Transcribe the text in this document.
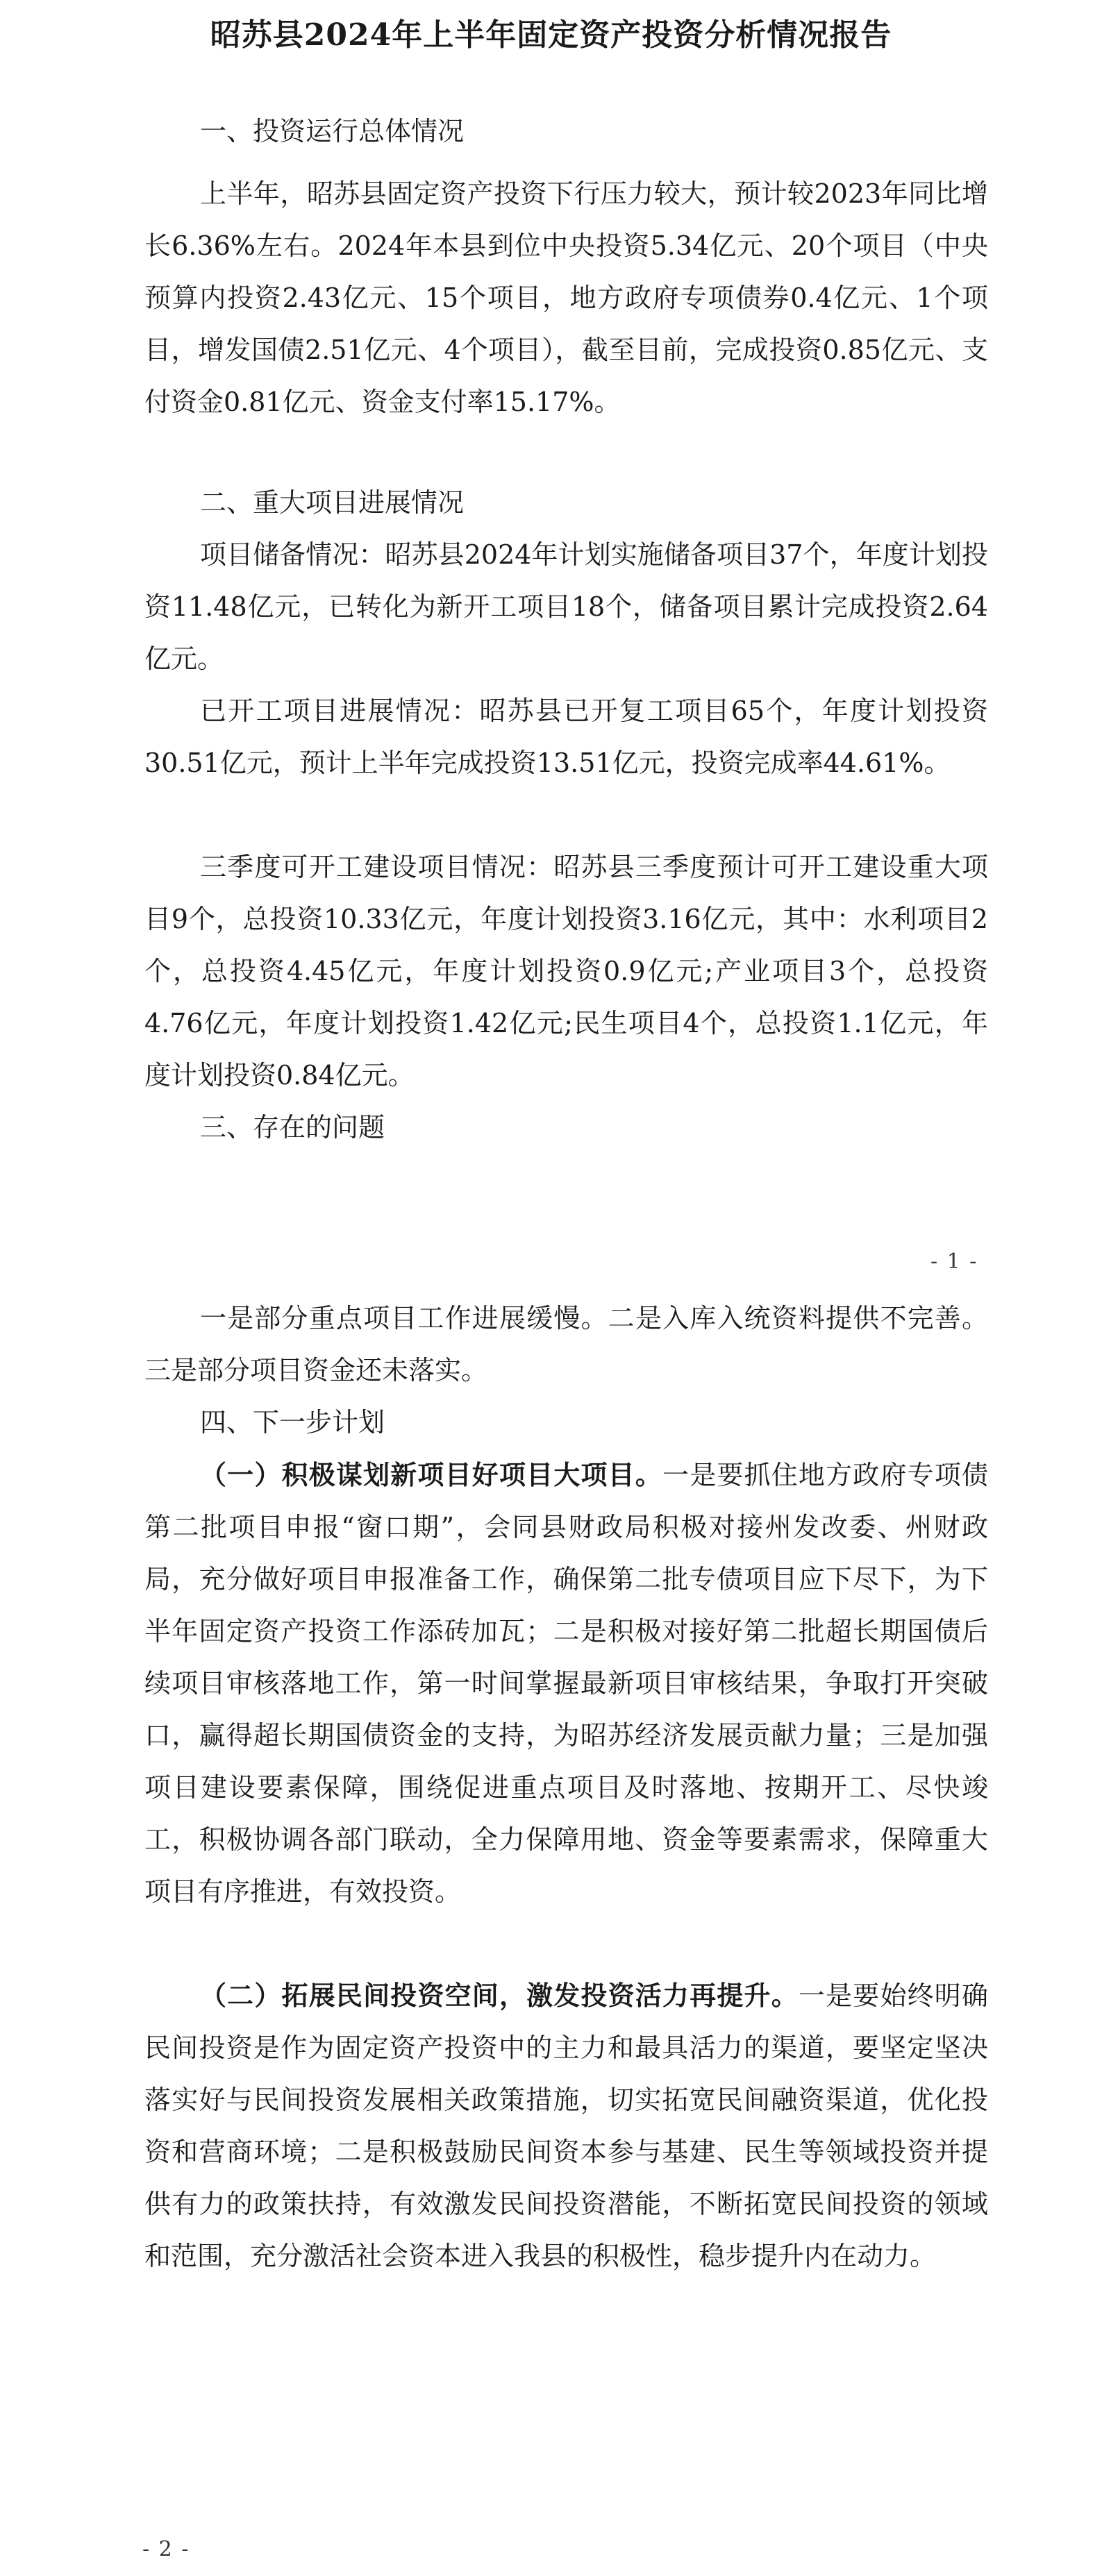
昭苏县2024年上半年固定资产投资分析情况报告

一、投资运行总体情况

上半年，昭苏县固定资产投资下行压力较大，预计较2023年同比增长6.36%左右。2024年本县到位中央投资5.34亿元、20个项目（中央预算内投资2.43亿元、15个项目，地方政府专项债券0.4亿元、1个项目，增发国债2.51亿元、4个项目），截至目前，完成投资0.85亿元、支付资金0.81亿元、资金支付率15.17%。

二、重大项目进展情况

项目储备情况：昭苏县2024年计划实施储备项目37个，年度计划投资11.48亿元，已转化为新开工项目18个，储备项目累计完成投资2.64亿元。

已开工项目进展情况：昭苏县已开复工项目65个，年度计划投资30.51亿元，预计上半年完成投资13.51亿元，投资完成率44.61%。

三季度可开工建设项目情况：昭苏县三季度预计可开工建设重大项目9个，总投资10.33亿元，年度计划投资3.16亿元，其中：水利项目2个，总投资4.45亿元，年度计划投资0.9亿元;产业项目3个，总投资4.76亿元，年度计划投资1.42亿元;民生项目4个，总投资1.1亿元，年度计划投资0.84亿元。

三、存在的问题

- 1 -

一是部分重点项目工作进展缓慢。二是入库入统资料提供不完善。三是部分项目资金还未落实。

四、下一步计划

（一）积极谋划新项目好项目大项目。一是要抓住地方政府专项债第二批项目申报“窗口期”，会同县财政局积极对接州发改委、州财政局，充分做好项目申报准备工作，确保第二批专债项目应下尽下，为下半年固定资产投资工作添砖加瓦；二是积极对接好第二批超长期国债后续项目审核落地工作，第一时间掌握最新项目审核结果，争取打开突破口，赢得超长期国债资金的支持，为昭苏经济发展贡献力量；三是加强项目建设要素保障，围绕促进重点项目及时落地、按期开工、尽快竣工，积极协调各部门联动，全力保障用地、资金等要素需求，保障重大项目有序推进，有效投资。

（二）拓展民间投资空间，激发投资活力再提升。一是要始终明确民间投资是作为固定资产投资中的主力和最具活力的渠道，要坚定坚决落实好与民间投资发展相关政策措施，切实拓宽民间融资渠道，优化投资和营商环境；二是积极鼓励民间资本参与基建、民生等领域投资并提供有力的政策扶持，有效激发民间投资潜能，不断拓宽民间投资的领域和范围，充分激活社会资本进入我县的积极性，稳步提升内在动力。

- 2 -
